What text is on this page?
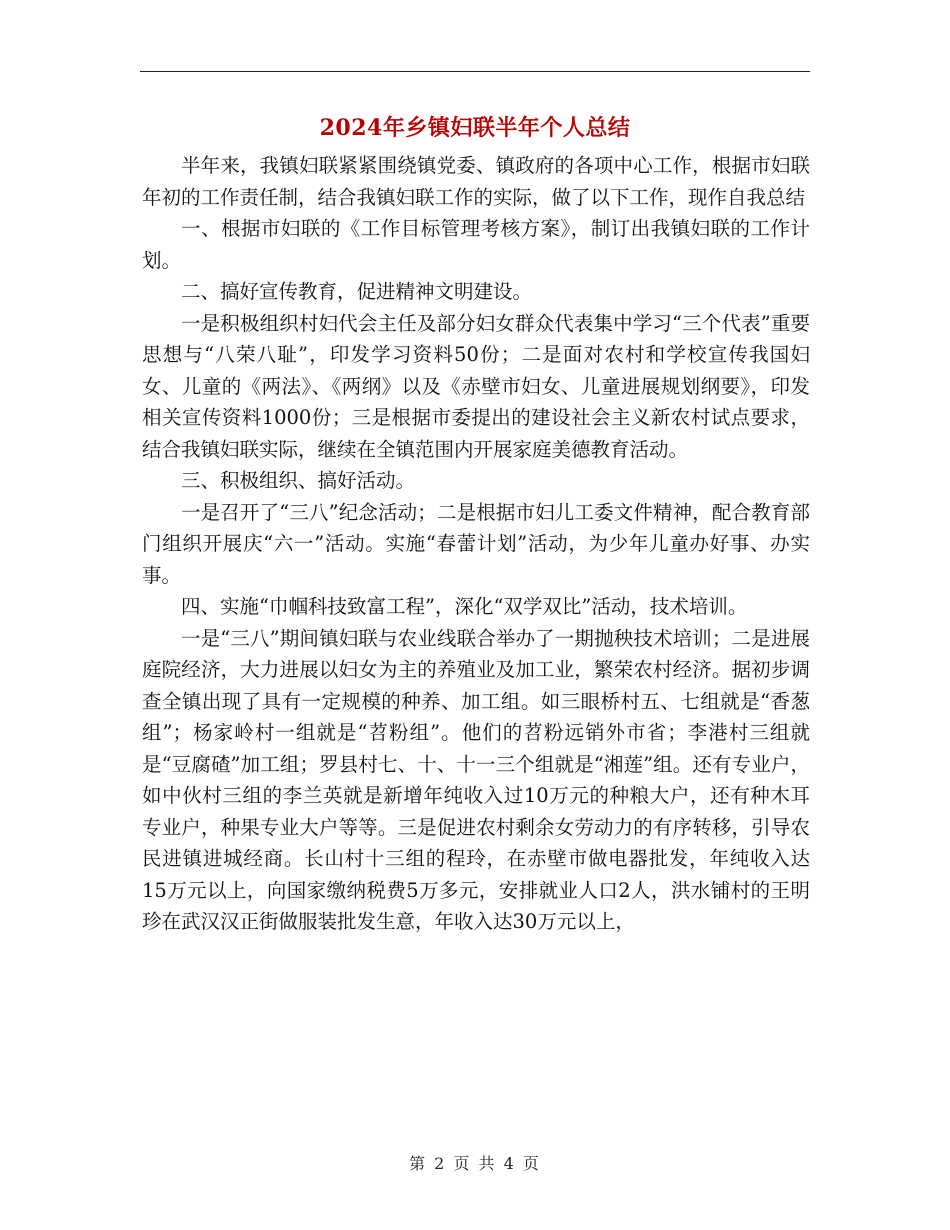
2024年乡镇妇联半年个人总结

半年来，我镇妇联紧紧围绕镇党委、镇政府的各项中心工作，根据市妇联年初的工作责任制，结合我镇妇联工作的实际，做了以下工作，现作自我总结

一、根据市妇联的《工作目标管理考核方案》，制订出我镇妇联的工作计划。

二、搞好宣传教育，促进精神文明建设。

一是积极组织村妇代会主任及部分妇女群众代表集中学习“三个代表”重要思想与“八荣八耻”，印发学习资料50份；二是面对农村和学校宣传我国妇女、儿童的《两法》、《两纲》以及《赤壁市妇女、儿童进展规划纲要》，印发相关宣传资料1000份；三是根据市委提出的建设社会主义新农村试点要求，结合我镇妇联实际，继续在全镇范围内开展家庭美德教育活动。

三、积极组织、搞好活动。

一是召开了“三八”纪念活动；二是根据市妇儿工委文件精神，配合教育部门组织开展庆“六一”活动。实施“春蕾计划”活动，为少年儿童办好事、办实事。

四、实施“巾帼科技致富工程”，深化“双学双比”活动，技术培训。

一是“三八”期间镇妇联与农业线联合举办了一期抛秧技术培训；二是进展庭院经济，大力进展以妇女为主的养殖业及加工业，繁荣农村经济。据初步调查全镇出现了具有一定规模的种养、加工组。如三眼桥村五、七组就是“香葱组”；杨家岭村一组就是“苕粉组”。他们的苕粉远销外市省；李港村三组就是“豆腐碴”加工组；罗县村七、十、十一三个组就是“湘莲”组。还有专业户，如中伙村三组的李兰英就是新增年纯收入过10万元的种粮大户，还有种木耳专业户，种果专业大户等等。三是促进农村剩余女劳动力的有序转移，引导农民进镇进城经商。长山村十三组的程玲，在赤壁市做电器批发，年纯收入达15万元以上，向国家缴纳税费5万多元，安排就业人口2人，洪水铺村的王明珍在武汉汉正街做服装批发生意，年收入达30万元以上，

第 2 页 共 4 页
